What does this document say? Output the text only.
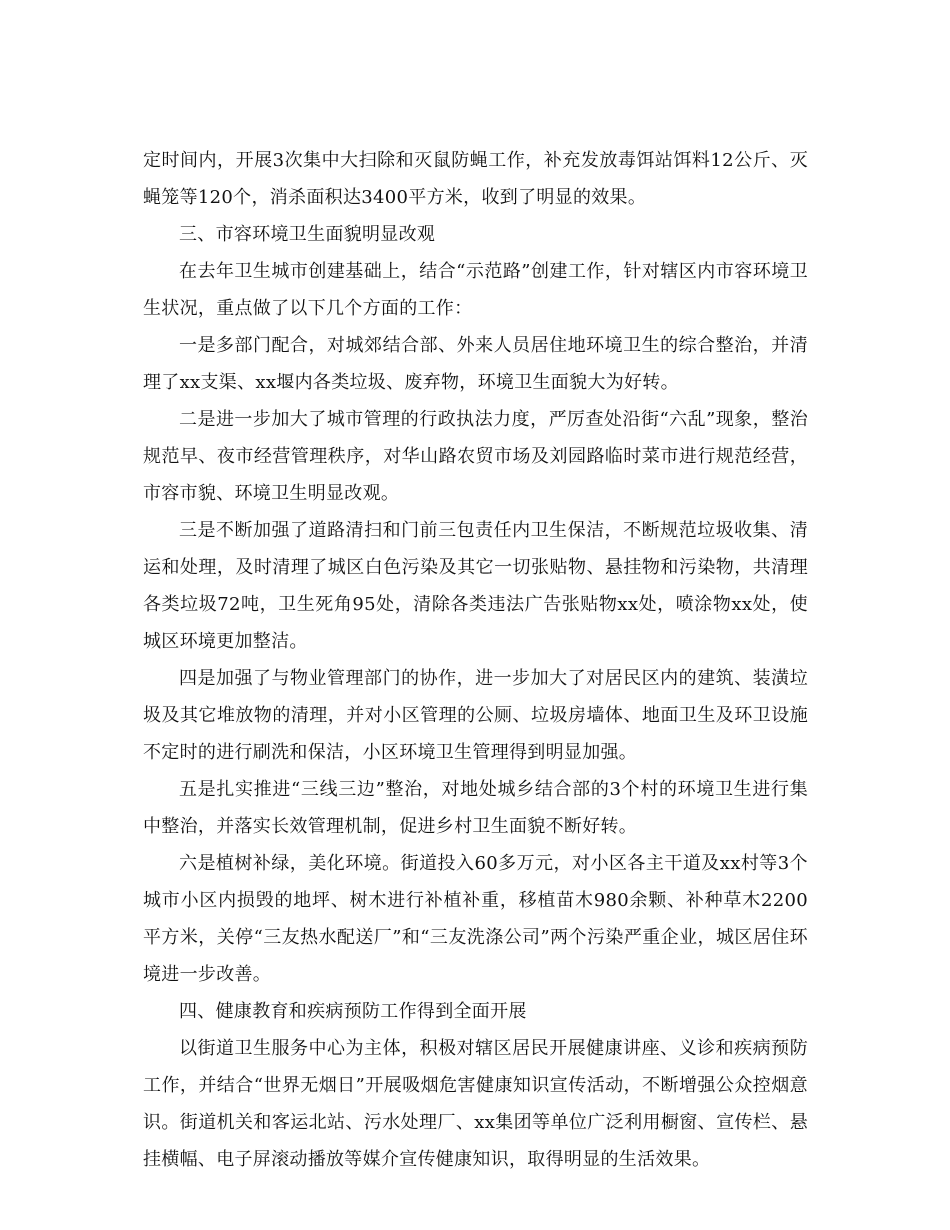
定时间内，开展3次集中大扫除和灭鼠防蝇工作，补充发放毒饵站饵料12公斤、灭蝇笼等120个，消杀面积达3400平方米，收到了明显的效果。

三、市容环境卫生面貌明显改观

在去年卫生城市创建基础上，结合“示范路”创建工作，针对辖区内市容环境卫生状况，重点做了以下几个方面的工作：

一是多部门配合，对城郊结合部、外来人员居住地环境卫生的综合整治，并清理了xx支渠、xx堰内各类垃圾、废弃物，环境卫生面貌大为好转。

二是进一步加大了城市管理的行政执法力度，严厉查处沿街“六乱”现象，整治规范早、夜市经营管理秩序，对华山路农贸市场及刘园路临时菜市进行规范经营，市容市貌、环境卫生明显改观。

三是不断加强了道路清扫和门前三包责任内卫生保洁，不断规范垃圾收集、清运和处理，及时清理了城区白色污染及其它一切张贴物、悬挂物和污染物，共清理各类垃圾72吨，卫生死角95处，清除各类违法广告张贴物xx处，喷涂物xx处，使城区环境更加整洁。

四是加强了与物业管理部门的协作，进一步加大了对居民区内的建筑、装潢垃圾及其它堆放物的清理，并对小区管理的公厕、垃圾房墙体、地面卫生及环卫设施不定时的进行刷洗和保洁，小区环境卫生管理得到明显加强。

五是扎实推进“三线三边”整治，对地处城乡结合部的3个村的环境卫生进行集中整治，并落实长效管理机制，促进乡村卫生面貌不断好转。

六是植树补绿，美化环境。街道投入60多万元，对小区各主干道及xx村等3个城市小区内损毁的地坪、树木进行补植补重，移植苗木980余颗、补种草木2200平方米，关停“三友热水配送厂”和“三友洗涤公司”两个污染严重企业，城区居住环境进一步改善。

四、健康教育和疾病预防工作得到全面开展

以街道卫生服务中心为主体，积极对辖区居民开展健康讲座、义诊和疾病预防工作，并结合“世界无烟日”开展吸烟危害健康知识宣传活动，不断增强公众控烟意识。街道机关和客运北站、污水处理厂、xx集团等单位广泛利用橱窗、宣传栏、悬挂横幅、电子屏滚动播放等媒介宣传健康知识，取得明显的生活效果。
